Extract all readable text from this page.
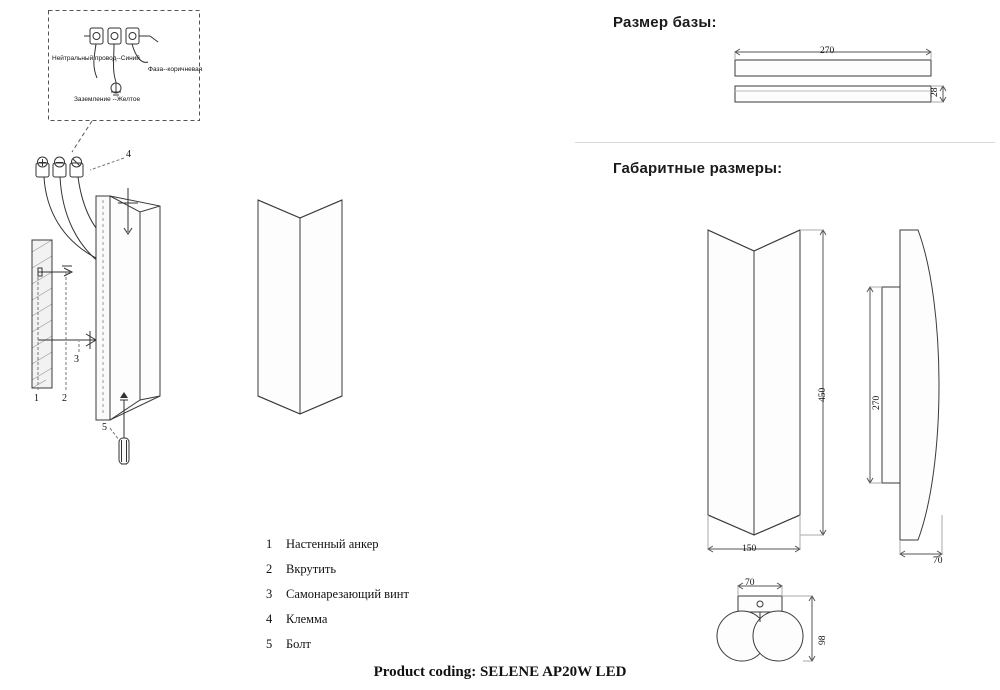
Размер базы:
Габаритные размеры:
Нейтральный провод--Синий
Фаза--коричневая
Заземление --Желтое
1 2
3
4
5
270
28
450
150
270
70
70
98
1	Настенный анкер
2	Вкрутить
3	Самонарезающий винт
4	Клемма
5	Болт
Product coding: SELENE AP20W LED
